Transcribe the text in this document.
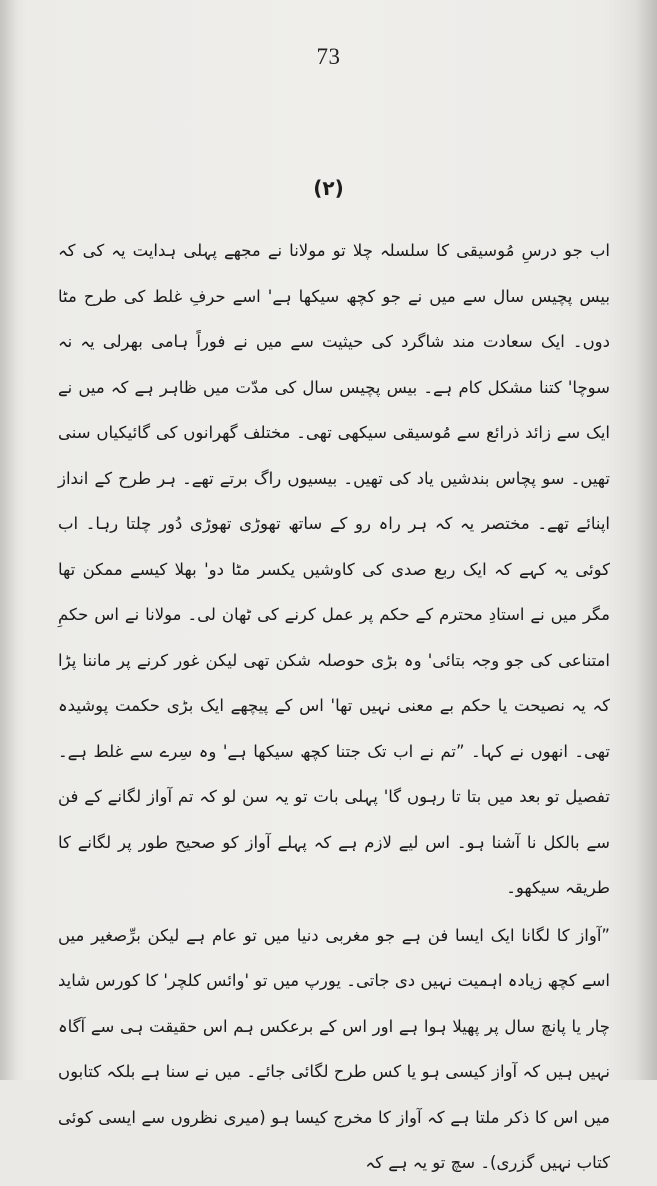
73
(۲)

اب جو درسِ مُوسیقی کا سلسلہ چلا تو مولانا نے مجھے پہلی ہدایت یہ کی کہ بیس پچیس سال سے میں نے جو کچھ سیکھا ہے' اسے حرفِ غلط کی طرح مٹا دوں۔ ایک سعادت مند شاگرد کی حیثیت سے میں نے فوراً ہامی بھرلی یہ نہ سوچا' کتنا مشکل کام ہے۔ بیس پچیس سال کی مدّت میں ظاہر ہے کہ میں نے ایک سے زائد ذرائع سے مُوسیقی سیکھی تھی۔ مختلف گھرانوں کی گائیکیاں سنی تھیں۔ سو پچاس بندشیں یاد کی تھیں۔ بیسیوں راگ برتے تھے۔ ہر طرح کے انداز اپنائے تھے۔ مختصر یہ کہ ہر راہ رو کے ساتھ تھوڑی تھوڑی دُور چلتا رہا۔ اب کوئی یہ کہے کہ ایک ربع صدی کی کاوشیں یکسر مٹا دو' بھلا کیسے ممکن تھا مگر میں نے استادِ محترم کے حکم پر عمل کرنے کی ٹھان لی۔ مولانا نے اس حکمِ امتناعی کی جو وجہ بتائی' وہ بڑی حوصلہ شکن تھی لیکن غور کرنے پر ماننا پڑا کہ یہ نصیحت یا حکم بے معنی نہیں تھا' اس کے پیچھے ایک بڑی حکمت پوشیدہ تھی۔ انھوں نے کہا۔ ”تم نے اب تک جتنا کچھ سیکھا ہے' وہ سِرے سے غلط ہے۔ تفصیل تو بعد میں بتا تا رہوں گا' پہلی بات تو یہ سن لو کہ تم آواز لگانے کے فن سے بالکل نا آشنا ہو۔ اس لیے لازم ہے کہ پہلے آواز کو صحیح طور پر لگانے کا طریقہ سیکھو۔

”آواز کا لگانا ایک ایسا فن ہے جو مغربی دنیا میں تو عام ہے لیکن برِّصغیر میں اسے کچھ زیادہ اہمیت نہیں دی جاتی۔ یورپ میں تو 'وائس کلچر' کا کورس شاید چار یا پانچ سال پر پھیلا ہوا ہے اور اس کے برعکس ہم اس حقیقت ہی سے آگاہ نہیں ہیں کہ آواز کیسی ہو یا کس طرح لگائی جائے۔ میں نے سنا ہے بلکہ کتابوں میں اس کا ذکر ملتا ہے کہ آواز کا مخرج کیسا ہو (میری نظروں سے ایسی کوئی کتاب نہیں گزری)۔ سچ تو یہ ہے کہ
